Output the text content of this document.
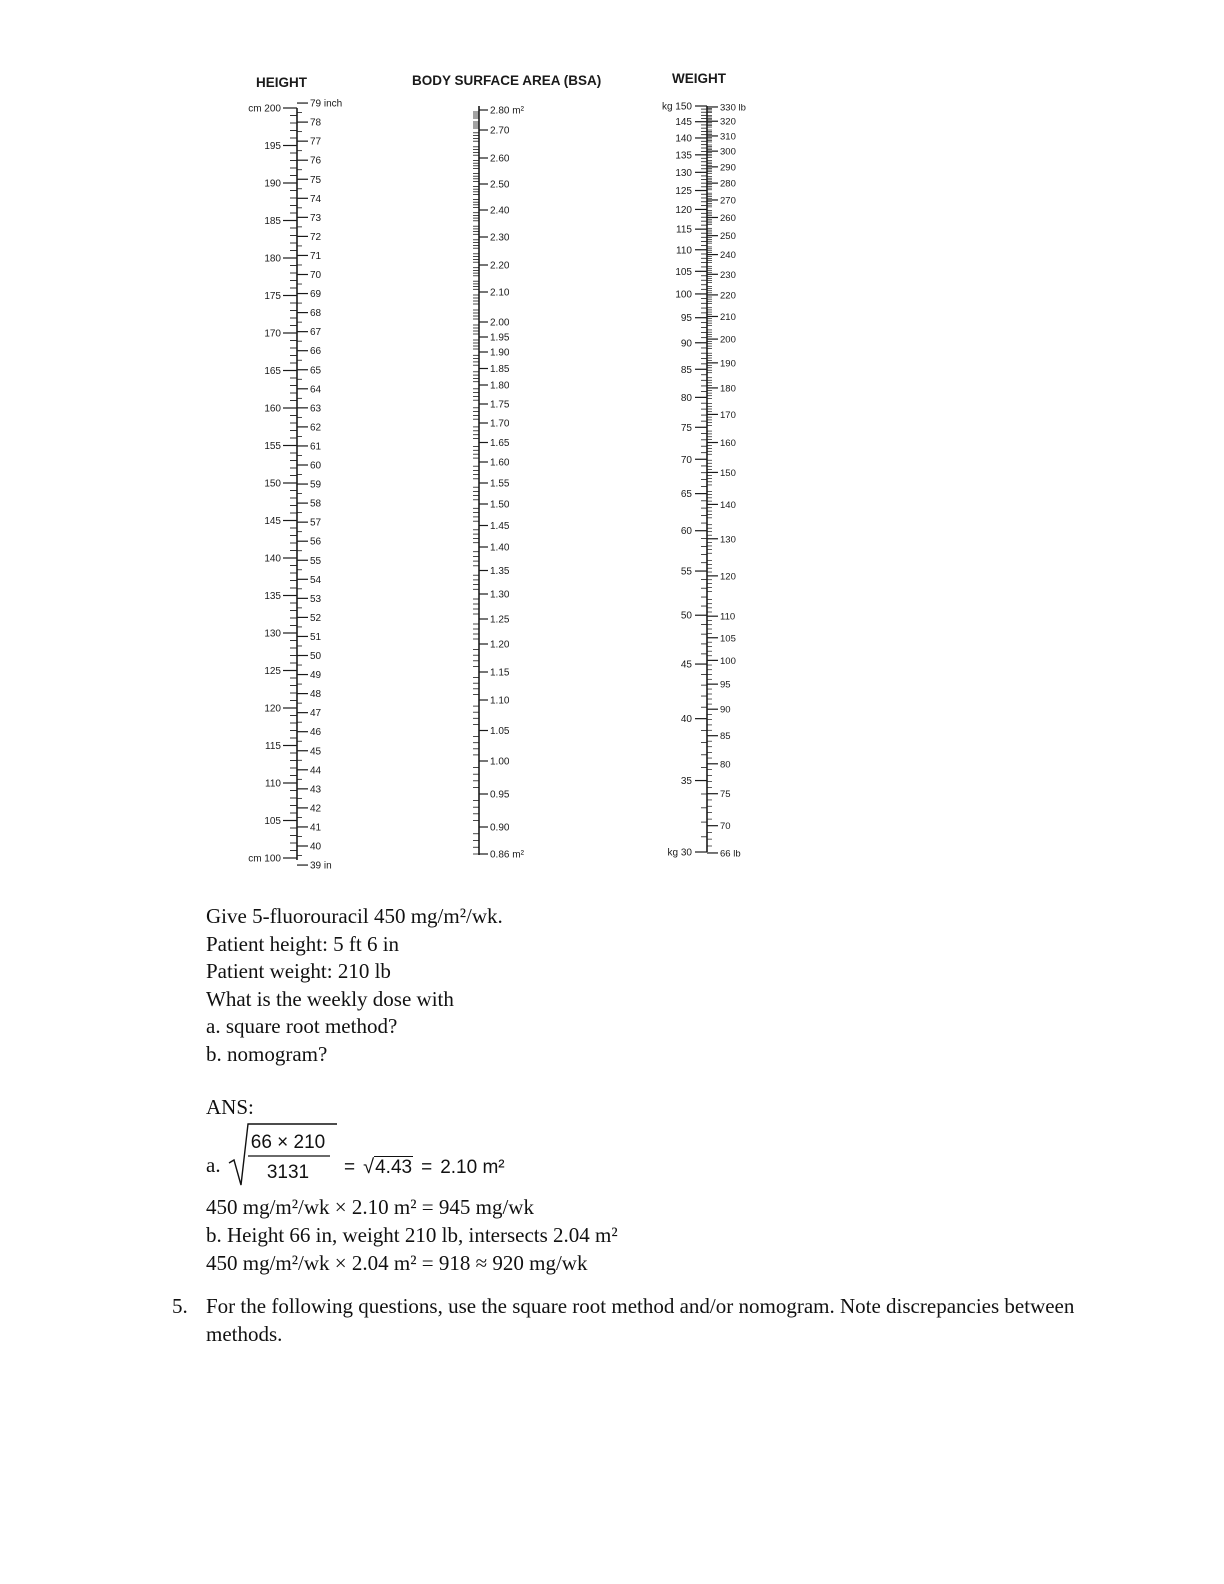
HEIGHT	BODY SURFACE AREA (BSA)	WEIGHT
cm 200
195
190
185
180
175
170
165
160
155
150
145
140
135
130
125
120
115
110
105
cm 100
79 inch
78
77
76
75
74
73
72
71
70
69
68
67
66
65
64
63
62
61
60
59
58
57
56
55
54
53
52
51
50
49
48
47
46
45
44
43
42
41
40
39 in
2.80 m²
2.70
2.60
2.50
2.40
2.30
2.20
2.10
2.00
1.95
1.90
1.85
1.80
1.75
1.70
1.65
1.60
1.55
1.50
1.45
1.40
1.35
1.30
1.25
1.20
1.15
1.10
1.05
1.00
0.95
0.90
0.86 m²
kg 150
145
140
135
130
125
120
115
110
105
100
95
90
85
80
75
70
65
60
55
50
45
40
35
kg 30
330 lb
320
310
300
290
280
270
260
250
240
230
220
210
200
190
180
170
160
150
140
130
120
110
105
100
95
90
85
80
75
70
66 lb

Give 5-fluorouracil 450 mg/m²/wk.

Patient height: 5 ft 6 in

Patient weight: 210 lb

What is the weekly dose with

a. square root method?

b. nomogram?

ANS:

a.
66 × 210
3131	= √4.43 = 2.10 m²

450 mg/m²/wk × 2.10 m² = 945 mg/wk

b. Height 66 in, weight 210 lb, intersects 2.04 m²

450 mg/m²/wk × 2.04 m² = 918 ≈ 920 mg/wk

5. For the following questions, use the square root method and/or nomogram. Note discrepancies between methods.
